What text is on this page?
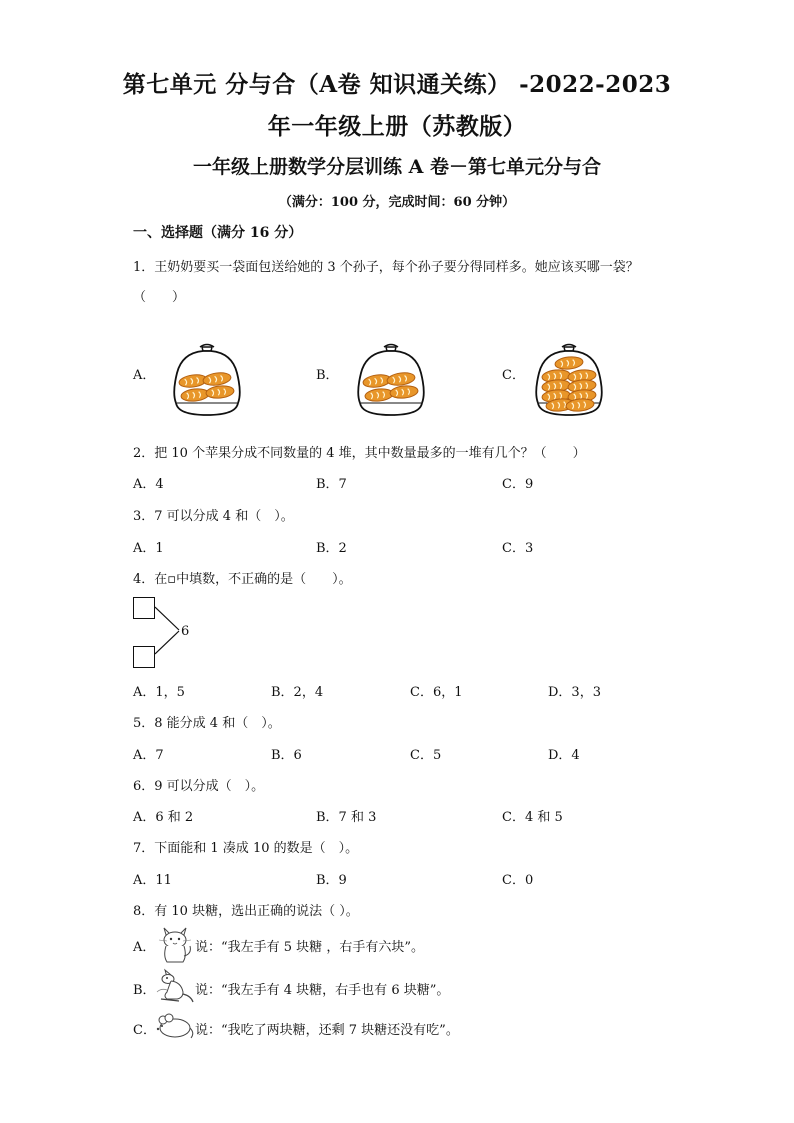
第七单元 分与合（A卷 知识通关练） -2022-2023
年一年级上册（苏教版）
一年级上册数学分层训练 A 卷－第七单元分与合
（满分：100 分，完成时间：60 分钟）
一、选择题（满分 16 分）
1．王奶奶要买一袋面包送给她的 3 个孙子，每个孙子要分得同样多。她应该买哪一袋？
（　　）
A．	B．	C．
2．把 10 个苹果分成不同数量的 4 堆，其中数量最多的一堆有几个？（　　）
A．4	B．7	C．9
3．7 可以分成 4 和（　）。
A．1	B．2	C．3
4．在▫中填数，不正确的是（　　）。
6
A．1，5	B．2，4	C．6，1	D．3，3
5．8 能分成 4 和（　）。
A．7	B．6	C．5	D．4
6．9 可以分成（　）。
A．6 和 2	B．7 和 3	C．4 和 5
7．下面能和 1 凑成 10 的数是（　）。
A．11	B．9	C．0
8．有 10 块糖，选出正确的说法（ ）。
A．	说：“我左手有 5 块糖 ，右手有六块”。
B．	说：“我左手有 4 块糖，右手也有 6 块糖”。
C．	说：“我吃了两块糖，还剩 7 块糖还没有吃”。
